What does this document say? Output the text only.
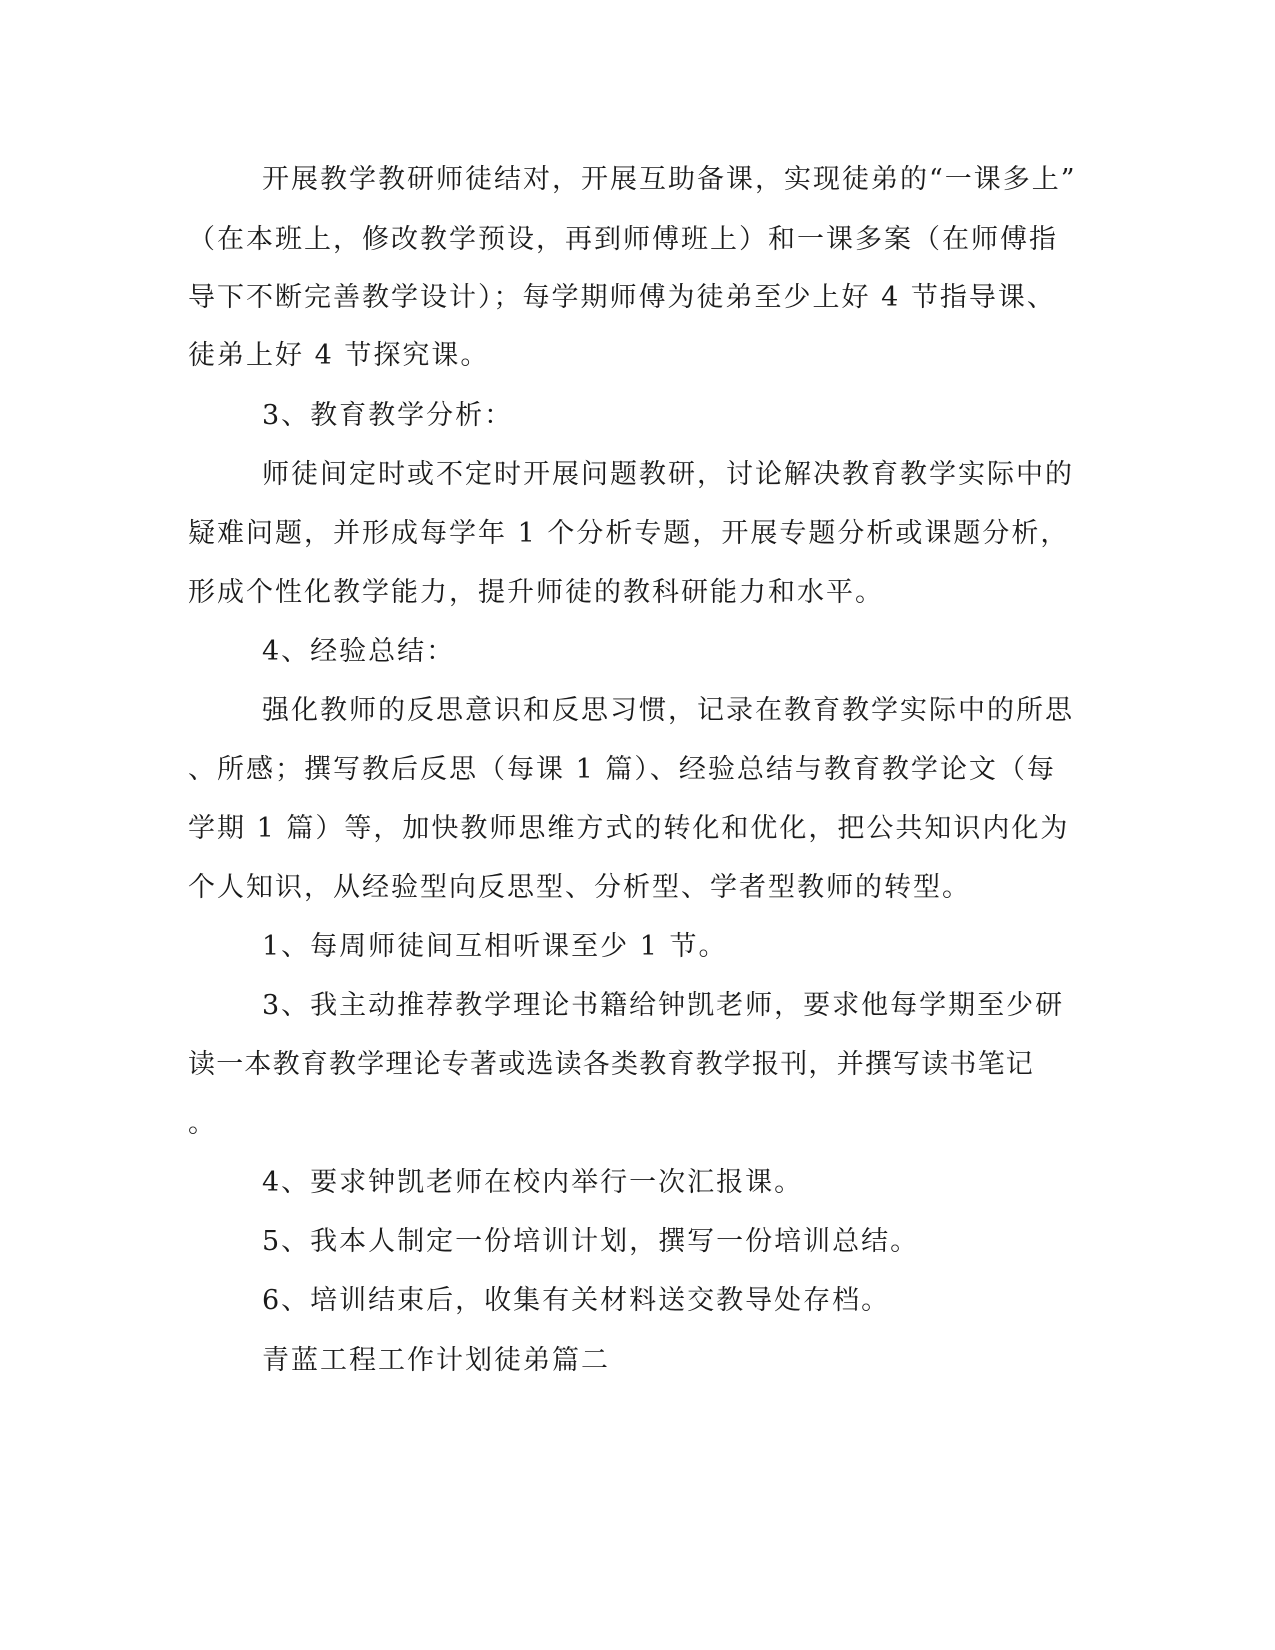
开展教学教研师徒结对，开展互助备课，实现徒弟的“一课多上”
（在本班上，修改教学预设，再到师傅班上）和一课多案（在师傅指
导下不断完善教学设计）；每学期师傅为徒弟至少上好 4 节指导课、
徒弟上好 4 节探究课。
3、教育教学分析：
师徒间定时或不定时开展问题教研，讨论解决教育教学实际中的
疑难问题，并形成每学年 1 个分析专题，开展专题分析或课题分析，
形成个性化教学能力，提升师徒的教科研能力和水平。
4、经验总结：
强化教师的反思意识和反思习惯，记录在教育教学实际中的所思
、所感；撰写教后反思（每课 1 篇）、经验总结与教育教学论文（每
学期 1 篇）等，加快教师思维方式的转化和优化，把公共知识内化为
个人知识，从经验型向反思型、分析型、学者型教师的转型。
1、每周师徒间互相听课至少 1 节。
3、我主动推荐教学理论书籍给钟凯老师，要求他每学期至少研
读一本教育教学理论专著或选读各类教育教学报刊，并撰写读书笔记
。
4、要求钟凯老师在校内举行一次汇报课。
5、我本人制定一份培训计划，撰写一份培训总结。
6、培训结束后，收集有关材料送交教导处存档。
青蓝工程工作计划徒弟篇二
